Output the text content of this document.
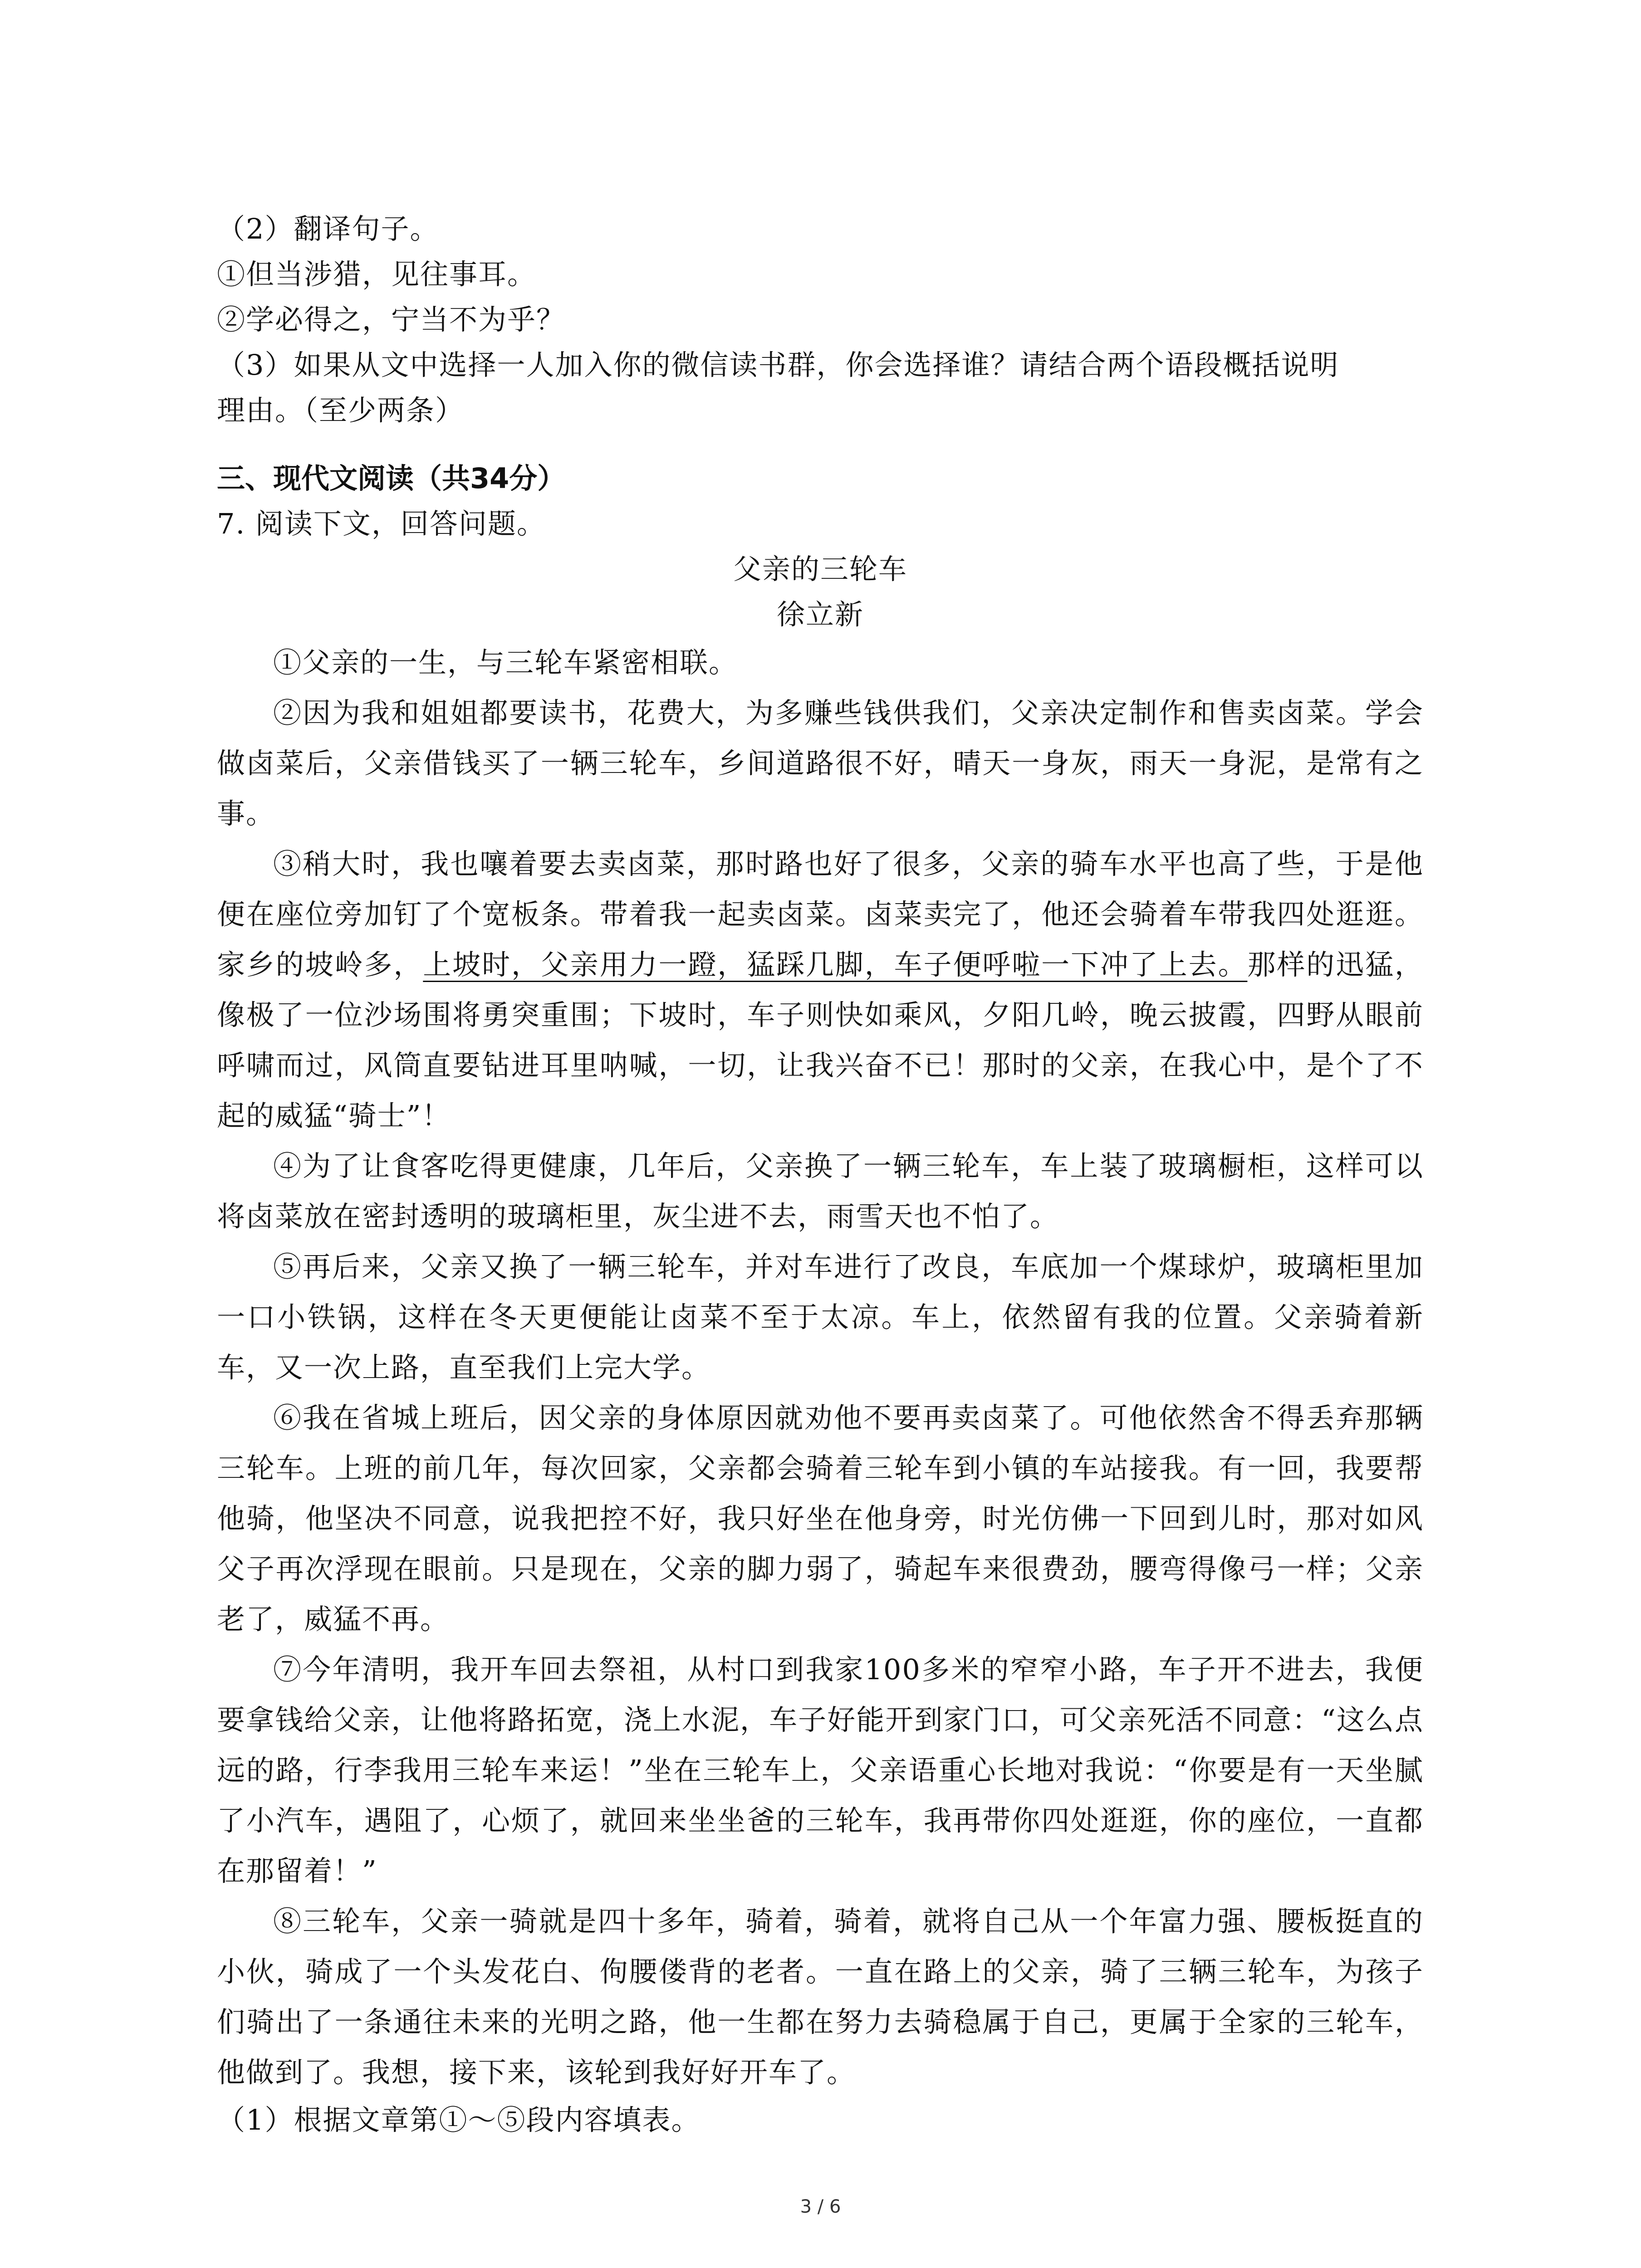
（2）翻译句子。
①但当涉猎，见往事耳。
②学必得之，宁当不为乎？
（3）如果从文中选择一人加入你的微信读书群，你会选择谁？请结合两个语段概括说明
理由。（至少两条）
三、现代文阅读（共34分）
7. 阅读下文，回答问题。
父亲的三轮车
徐立新

①父亲的一生，与三轮车紧密相联。

②因为我和姐姐都要读书，花费大，为多赚些钱供我们，父亲决定制作和售卖卤菜。学会做卤菜后，父亲借钱买了一辆三轮车，乡间道路很不好，晴天一身灰，雨天一身泥，是常有之事。

③稍大时，我也嚷着要去卖卤菜，那时路也好了很多，父亲的骑车水平也高了些，于是他便在座位旁加钉了个宽板条。带着我一起卖卤菜。卤菜卖完了，他还会骑着车带我四处逛逛。家乡的坡岭多，上坡时，父亲用力一蹬，猛踩几脚，车子便呼啦一下冲了上去。那样的迅猛，像极了一位沙场围将勇突重围；下坡时，车子则快如乘风，夕阳几岭，晚云披霞，四野从眼前呼啸而过，风筒直要钻进耳里呐喊，一切，让我兴奋不已！那时的父亲，在我心中，是个了不起的威猛“骑士”！

④为了让食客吃得更健康，几年后，父亲换了一辆三轮车，车上装了玻璃橱柜，这样可以将卤菜放在密封透明的玻璃柜里，灰尘进不去，雨雪天也不怕了。

⑤再后来，父亲又换了一辆三轮车，并对车进行了改良，车底加一个煤球炉，玻璃柜里加一口小铁锅，这样在冬天更便能让卤菜不至于太凉。车上，依然留有我的位置。父亲骑着新车，又一次上路，直至我们上完大学。

⑥我在省城上班后，因父亲的身体原因就劝他不要再卖卤菜了。可他依然舍不得丢弃那辆三轮车。上班的前几年，每次回家，父亲都会骑着三轮车到小镇的车站接我。有一回，我要帮他骑，他坚决不同意，说我把控不好，我只好坐在他身旁，时光仿佛一下回到儿时，那对如风父子再次浮现在眼前。只是现在，父亲的脚力弱了，骑起车来很费劲，腰弯得像弓一样；父亲老了，威猛不再。

⑦今年清明，我开车回去祭祖，从村口到我家100多米的窄窄小路，车子开不进去，我便要拿钱给父亲，让他将路拓宽，浇上水泥，车子好能开到家门口，可父亲死活不同意：“这么点远的路，行李我用三轮车来运！”坐在三轮车上，父亲语重心长地对我说：“你要是有一天坐腻了小汽车，遇阻了，心烦了，就回来坐坐爸的三轮车，我再带你四处逛逛，你的座位，一直都在那留着！”

⑧三轮车，父亲一骑就是四十多年，骑着，骑着，就将自己从一个年富力强、腰板挺直的小伙，骑成了一个头发花白、佝腰偻背的老者。一直在路上的父亲，骑了三辆三轮车，为孩子们骑出了一条通往未来的光明之路，他一生都在努力去骑稳属于自己，更属于全家的三轮车，他做到了。我想，接下来，该轮到我好好开车了。

（1）根据文章第①～⑤段内容填表。
3 / 6
